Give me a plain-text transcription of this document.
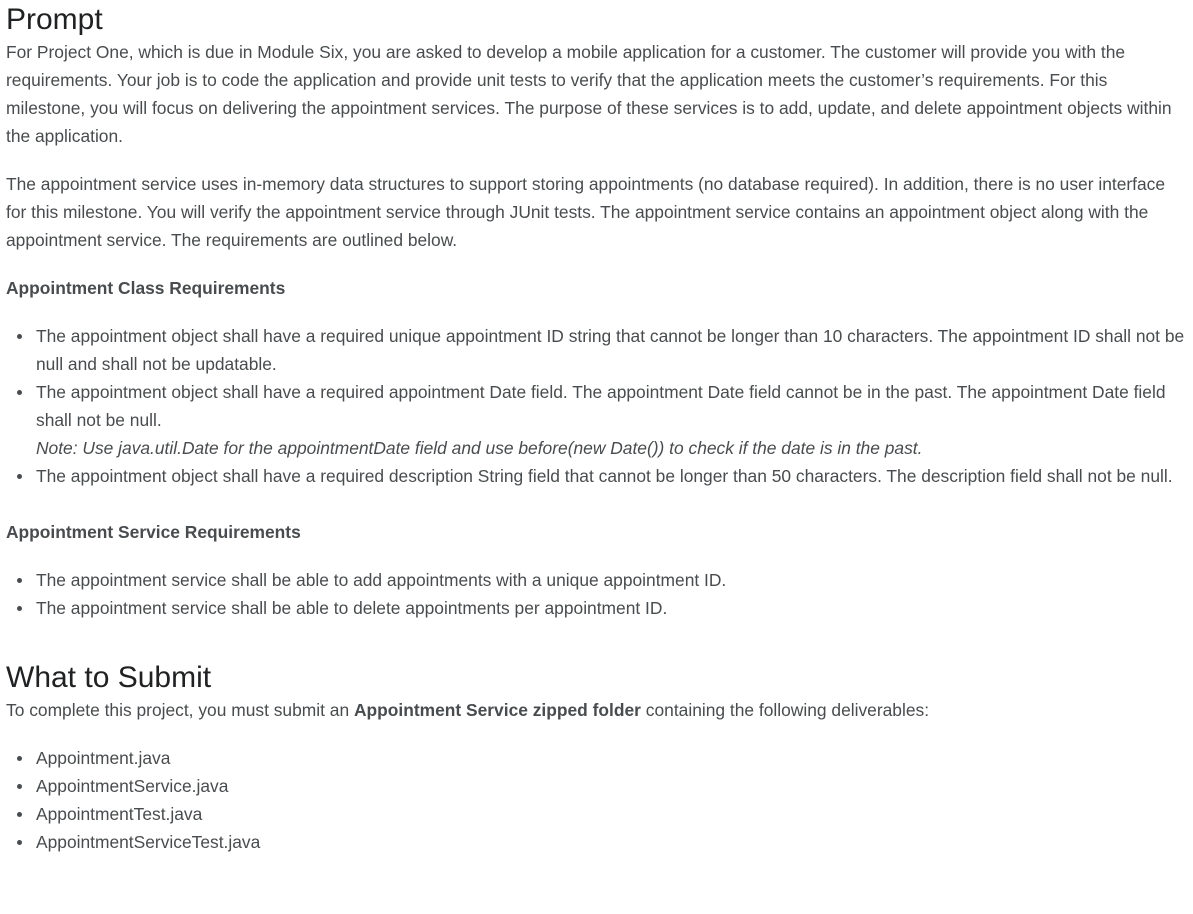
Prompt

For Project One, which is due in Module Six, you are asked to develop a mobile application for a customer. The customer will provide you with the requirements. Your job is to code the application and provide unit tests to verify that the application meets the customer’s requirements. For this milestone, you will focus on delivering the appointment services. The purpose of these services is to add, update, and delete appointment objects within the application.

The appointment service uses in-memory data structures to support storing appointments (no database required). In addition, there is no user interface for this milestone. You will verify the appointment service through JUnit tests. The appointment service contains an appointment object along with the appointment service. The requirements are outlined below.

Appointment Class Requirements
The appointment object shall have a required unique appointment ID string that cannot be longer than 10 characters. The appointment ID shall not be null and shall not be updatable.
The appointment object shall have a required appointment Date field. The appointment Date field cannot be in the past. The appointment Date field shall not be null.
Note: Use java.util.Date for the appointmentDate field and use before(new Date()) to check if the date is in the past.
The appointment object shall have a required description String field that cannot be longer than 50 characters. The description field shall not be null.
Appointment Service Requirements
The appointment service shall be able to add appointments with a unique appointment ID.
The appointment service shall be able to delete appointments per appointment ID.
What to Submit

To complete this project, you must submit an Appointment Service zipped folder containing the following deliverables:

Appointment.java
AppointmentService.java
AppointmentTest.java
AppointmentServiceTest.java
